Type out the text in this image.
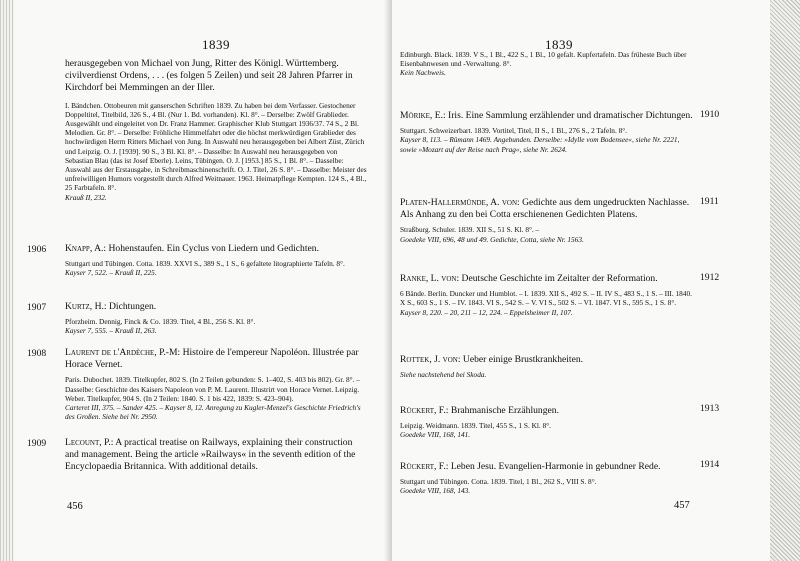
1839
herausgegeben von Michael von Jung, Ritter des Königl. Württemberg. civilverdienst Ordens, . . . (es folgen 5 Zeilen) und seit 28 Jahren Pfarrer in Kirchdorf bei Memmingen an der Iller.
I. Bändchen. Ottobeuren mit ganserschen Schriften 1839. Zu haben bei dem Verfasser. Gestochener Doppeltitel, Titelbild, 326 S., 4 Bl. (Nur 1. Bd. vorhanden). Kl. 8°. – Derselbe: Zwölf Grablieder. Ausgewählt und eingeleitet von Dr. Franz Hammer. Graphischer Klub Stuttgart 1936/37. 74 S., 2 Bl. Melodien. Gr. 8°. – Derselbe: Fröhliche Himmelfahrt oder die höchst merkwürdigen Grablieder des hochwürdigen Herrn Ritters Michael von Jung. In Auswahl neu herausgegeben bei Albert Züst, Zürich und Leipzig. O. J. [1939]. 90 S., 3 Bl. Kl. 8°. – Dasselbe: In Auswahl neu herausgegeben von Sebastian Blau (das ist Josef Eberle). Leins, Tübingen. O. J. [1953.] 85 S., 1 Bl. 8°. – Dasselbe: Auswahl aus der Erstausgabe, in Schreibmaschinenschrift. O. J. Titel, 26 S. 8°. – Dasselbe: Meister des unfreiwilligen Humors vorgestellt durch Alfred Weitnauer. 1963. Heimatpflege Kempten. 124 S., 4 Bl., 25 Farbtafeln. 8°.
Krauß II, 232.
1906 Knapp, A.: Hohenstaufen. Ein Cyclus von Liedern und Gedichten.
Stuttgart und Tübingen. Cotta. 1839. XXVI S., 389 S., 1 S., 6 gefaltete litographierte Tafeln. 8°.
Kayser 7, 522. – Krauß II, 225.
1907 Kurtz, H.: Dichtungen.
Pforzheim. Dennig, Finck & Co. 1839. Titel, 4 Bl., 256 S. Kl. 8°.
Kayser 7, 555. – Krauß II, 263.
1908 Laurent de l'Ardèche, P.-M: Histoire de l'empereur Napoléon. Illustrée par Horace Vernet.
Paris. Dubochet. 1839. Titelkupfer, 802 S. (In 2 Teilen gebunden: S. 1–402, S. 403 bis 802). Gr. 8°. – Dasselbe: Geschichte des Kaisers Napoleon von P. M. Laurent. Illustrirt von Horace Vernet. Leipzig. Weber. Titelkupfer, 904 S. (In 2 Teilen: 1840. S. 1 bis 422, 1839: S. 423–904).
Carteret III, 375. – Sander 425. – Kayser 8, 12. Anregung zu Kugler-Menzel's Geschichte Friedrich's des Großen. Siehe bei Nr. 2950.
1909 Lecount, P.: A practical treatise on Railways, explaining their construction and management. Being the article »Railways« in the seventh edition of the Encyclopaedia Britannica. With additional details.
456
1839
Edinburgh. Black. 1839. V S., 1 Bl., 422 S., 1 Bl., 10 gefalt. Kupfertafeln. Das früheste Buch über Eisenbahnwesen und -Verwaltung. 8°.
Kein Nachweis.
1910
Mörike, E.: Iris. Eine Sammlung erzählender und dramatischer Dichtungen.
Stuttgart. Schweizerbart. 1839. Vortitel, Titel, II S., 1 Bl., 276 S., 2 Tafeln. 8°.
Kayser 8, 113. – Rümann 1469. Angebunden. Derselbe: »Idylle vom Bodensee«, siehe Nr. 2221, sowie »Mozart auf der Reise nach Prag«, siehe Nr. 2624.
1911
Platen-Hallermünde, A. von: Gedichte aus dem ungedruckten Nachlasse. Als Anhang zu den bei Cotta erschienenen Gedichten Platens.
Straßburg. Schuler. 1839. XII S., 51 S. Kl. 8°. –
Goedeke VIII, 696, 48 und 49. Gedichte, Cotta, siehe Nr. 1563.
1912
Ranke, L. von: Deutsche Geschichte im Zeitalter der Reformation.
6 Bände. Berlin. Duncker und Humblot. – I. 1839. XII S., 492 S. – II. IV S., 483 S., 1 S. – III. 1840. X S., 603 S., 1 S. – IV. 1843. VI S., 542 S. – V. VI S., 502 S. – VI. 1847. VI S., 595 S., 1 S. 8°.
Kayser 8, 220. – 20, 211 – 12, 224. – Eppelsheimer II, 107.
Rottek, J. von: Ueber einige Brustkrankheiten.
Siehe nachstehend bei Skoda.
1913
Rückert, F.: Brahmanische Erzählungen.
Leipzig. Weidmann. 1839. Titel, 455 S., 1 S. Kl. 8°.
Goedeke VIII, 168, 141.
1914
Rückert, F.: Leben Jesu. Evangelien-Harmonie in gebundner Rede.
Stuttgart und Tübingen. Cotta. 1839. Titel, 1 Bl., 262 S., VIII S. 8°.
Goedeke VIII, 168, 143.
457
